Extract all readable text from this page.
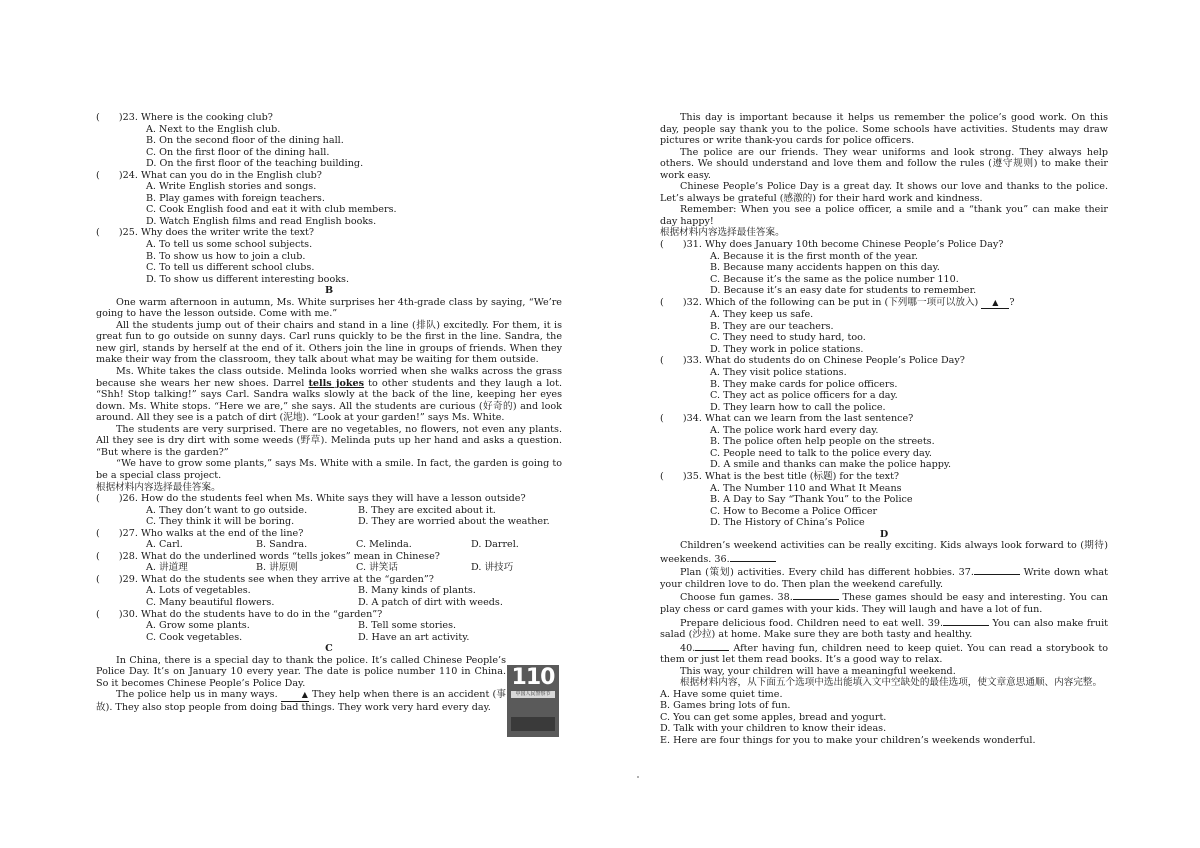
(　　)23.
Where is the cooking club?
A. Next to the English club.
B. On the second floor of the dining hall.
C. On the first floor of the dining hall.
D. On the first floor of the teaching building.
(　　)24.
What can you do in the English club?
A. Write English stories and songs.
B. Play games with foreign teachers.
C. Cook English food and eat it with club members.
D. Watch English films and read English books.
(　　)25.
Why does the writer write the text?
A. To tell us some school subjects.
B. To show us how to join a club.
C. To tell us different school clubs.
D. To show us different interesting books.
B
One warm afternoon in autumn, Ms. White surprises her 4th-grade class by saying, “We’re going to have the lesson outside. Come with me.”
All the students jump out of their chairs and stand in a line (排队) excitedly. For them, it is great fun to go outside on sunny days. Carl runs quickly to be the first in the line. Sandra, the new girl, stands by herself at the end of it. Others join the line in groups of friends. When they make their way from the classroom, they talk about what may be waiting for them outside.
Ms. White takes the class outside. Melinda looks worried when she walks across the grass because she wears her new shoes. Darrel tells jokes to other students and they laugh a lot. “Shh! Stop talking!” says Carl. Sandra walks slowly at the back of the line, keeping her eyes down. Ms. White stops. “Here we are,” she says. All the students are curious (好奇的) and look around. All they see is a patch of dirt (泥地). “Look at your garden!” says Ms. White.
The students are very surprised. There are no vegetables, no flowers, not even any plants. All they see is dry dirt with some weeds (野草). Melinda puts up her hand and asks a question. “But where is the garden?”
“We have to grow some plants,” says Ms. White with a smile. In fact, the garden is going to be a special class project.
根据材料内容选择最佳答案。
(　　)26.
How do the students feel when Ms. White says they will have a lesson outside?
A. They don’t want to go outside.	B. They are excited about it.
C. They think it will be boring.	D. They are worried about the weather.
(　　)27.
Who walks at the end of the line?
A. Carl.	B. Sandra.	C. Melinda.	D. Darrel.
(　　)28.
What do the underlined words “tells jokes” mean in Chinese?
A. 讲道理	B. 讲原则	C. 讲笑话	D. 讲技巧
(　　)29.
What do the students see when they arrive at the “garden”?
A. Lots of vegetables.	B. Many kinds of plants.
C. Many beautiful flowers.	D. A patch of dirt with weeds.
(　　)30.
What do the students have to do in the “garden”?
A. Grow some plants.	B. Tell some stories.
C. Cook vegetables.	D. Have an art activity.
C
In China, there is a special day to thank the police. It’s called Chinese People’s Police Day. It’s on January 10 every year. The date is police number 110 in China. So it becomes Chinese People’s Police Day.
The police help us in many ways.	▲ They help when there is an accident (事故). They also stop people from doing bad things. They work very hard every day.
110
中国人民警察节
This day is important because it helps us remember the police’s good work. On this day, people say thank you to the police. Some schools have activities. Students may draw pictures or write thank-you cards for police officers.
The police are our friends. They wear uniforms and look strong. They always help others. We should understand and love them and follow the rules (遵守规则) to make their work easy.
Chinese People’s Police Day is a great day. It shows our love and thanks to the police. Let’s always be grateful (感激的) for their hard work and kindness.
Remember: When you see a police officer, a smile and a “thank you” can make their day happy!
根据材料内容选择最佳答案。
(　　)31.
Why does January 10th become Chinese People’s Police Day?
A. Because it is the first month of the year.
B. Because many accidents happen on this day.
C. Because it’s the same as the police number 110.
D. Because it’s an easy date for students to remember.
(　　)32.
Which of the following can be put in (下列哪一项可以放入) ▲ ?
A. They keep us safe.
B. They are our teachers.
C. They need to study hard, too.
D. They work in police stations.
(　　)33.
What do students do on Chinese People’s Police Day?
A. They visit police stations.
B. They make cards for police officers.
C. They act as police officers for a day.
D. They learn how to call the police.
(　　)34.
What can we learn from the last sentence?
A. The police work hard every day.
B. The police often help people on the streets.
C. People need to talk to the police every day.
D. A smile and thanks can make the police happy.
(　　)35.
What is the best title (标题) for the text?
A. The Number 110 and What It Means
B. A Day to Say “Thank You” to the Police
C. How to Become a Police Officer
D. The History of China’s Police
D
Children’s weekend activities can be really exciting. Kids always look forward to (期待) weekends. 36.
Plan (策划) activities. Every child has different hobbies. 37.	Write down what your children love to do. Then plan the weekend carefully.
Choose fun games. 38.	These games should be easy and interesting. You can play chess or card games with your kids. They will laugh and have a lot of fun.
Prepare delicious food. Children need to eat well. 39.	You can also make fruit salad (沙拉) at home. Make sure they are both tasty and healthy.
40.	After having fun, children need to keep quiet. You can read a storybook to them or just let them read books. It’s a good way to relax.
This way, your children will have a meaningful weekend.
根据材料内容，从下面五个选项中选出能填入文中空缺处的最佳选项，使文章意思通顺、内容完整。
A. Have some quiet time.
B. Games bring lots of fun.
C. You can get some apples, bread and yogurt.
D. Talk with your children to know their ideas.
E. Here are four things for you to make your children’s weekends wonderful.
